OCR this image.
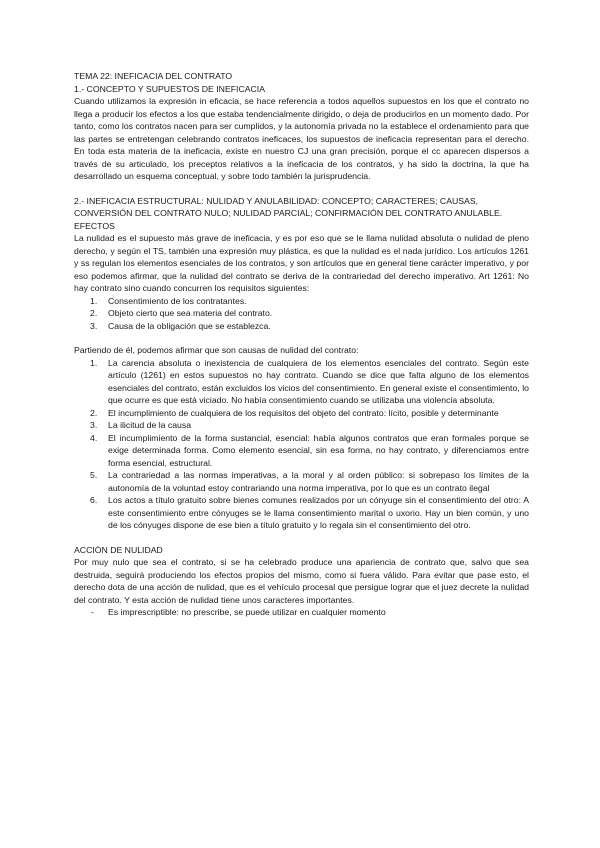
TEMA 22: INEFICACIA DEL CONTRATO
1.- CONCEPTO Y SUPUESTOS DE INEFICACIA

Cuando utilizamos la expresión in eficacia, se hace referencia a todos aquellos supuestos en los que el contrato no llega a producir los efectos a los que estaba tendencialmente dirigido, o deja de producirlos en un momento dado. Por tanto, como los contratos nacen para ser cumplidos, y la autonomía privada no la establece el ordenamiento para que las partes se entretengan celebrando contratos ineficaces, los supuestos de ineficacia representan para el derecho. En toda esta materia de la ineficacia, existe en nuestro CJ una gran precisión, porque el cc aparecen dispersos a través de su articulado, los preceptos relativos a la ineficacia de los contratos, y ha sido la doctrina, la que ha desarrollado un esquema conceptual, y sobre todo también la jurisprudencia.

2.- INEFICACIA ESTRUCTURAL: NULIDAD Y ANULABILIDAD: CONCEPTO; CARACTERES; CAUSAS, CONVERSIÓN DEL CONTRATO NULO; NULIDAD PARCIAL; CONFIRMACIÓN DEL CONTRATO ANULABLE. EFECTOS

La nulidad es el supuesto más grave de ineficacia, y es por eso que se le llama nulidad absoluta o nulidad de pleno derecho, y según el TS, también una expresión muy plástica, es que la nulidad es el nada jurídico. Los artículos 1261 y ss regulan los elementos esenciales de los contratos, y son artículos que en general tiene carácter imperativo, y por eso podemos afirmar, que la nulidad del contrato se deriva de la contrariedad del derecho imperativo. Art 1261: No hay contrato sino cuando concurren los requisitos siguientes:

1. Consentimiento de los contratantes.
2. Objeto cierto que sea materia del contrato.
3. Causa de la obligación que se establezca.

Partiendo de él, podemos afirmar que son causas de nulidad del contrato:

1. La carencia absoluta o inexistencia de cualquiera de los elementos esenciales del contrato. Según este artículo (1261) en estos supuestos no hay contrato. Cuando se dice que falta alguno de los elementos esenciales del contrato, están excluidos los vicios del consentimiento. En general existe el consentimiento, lo que ocurre es que está viciado. No había consentimiento cuando se utilizaba una violencia absoluta.
2. El incumplimiento de cualquiera de los requisitos del objeto del contrato: lícito, posible y determinante
3. La ilicitud de la causa
4. El incumplimiento de la forma sustancial, esencial: había algunos contratos que eran formales porque se exige determinada forma. Como elemento esencial, sin esa forma, no hay contrato, y diferenciamos entre forma esencial, estructural.
5. La contrariedad a las normas imperativas, a la moral y al orden público: si sobrepaso los límites de la autonomía de la voluntad estoy contrariando una norma imperativa, por lo que es un contrato ilegal
6. Los actos a título gratuito sobre bienes comunes realizados por un cónyuge sin el consentimiento del otro: A este consentimiento entre cónyuges se le llama consentimiento marital o uxorio. Hay un bien común, y uno de los cónyuges dispone de ese bien a título gratuito y lo regala sin el consentimiento del otro.
ACCIÓN DE NULIDAD

Por muy nulo que sea el contrato, si se ha celebrado produce una apariencia de contrato que, salvo que sea destruida, seguirá produciendo los efectos propios del mismo, como si fuera válido. Para evitar que pase esto, el derecho dota de una acción de nulidad, que es el vehículo procesal que persigue lograr que el juez decrete la nulidad del contrato. Y esta acción de nulidad tiene unos caracteres importantes.

- Es imprescriptible: no prescribe, se puede utilizar en cualquier momento
